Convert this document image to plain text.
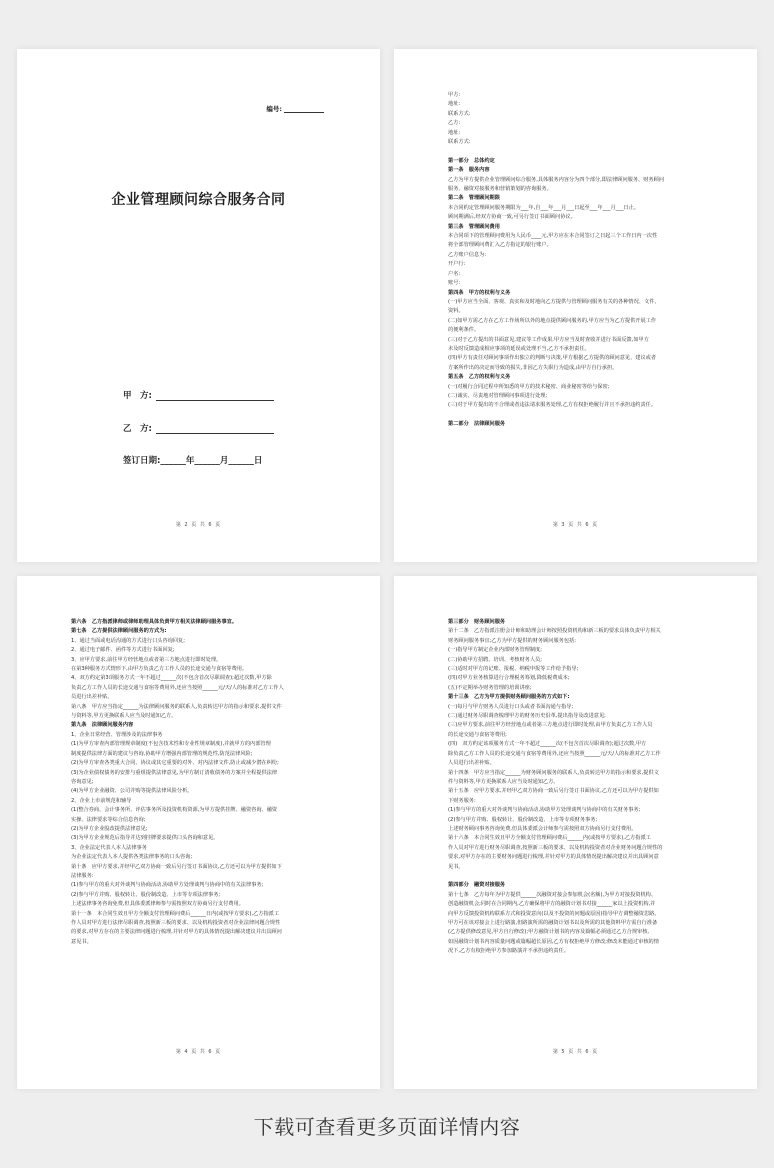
编号:
企业管理顾问综合服务合同
甲　方:
乙　方:
签订日期:______年______月______日
第 2 页 共 6 页

甲方:

地址:

联系方式:

乙方:

地址:

联系方式:

第一部分　总体约定

第一条　服务内容

乙方为甲方提供企业管理顾问综合服务,具体服务内容分为四个部分,即法律顾问服务、财务顾问

服务、融资对接服务和营销策划的咨询服务。

第二条　管理顾问期限

本合同约定管理顾问服务期限为___年,自___年___月___日起至___年___月___日止。

顾问期满后,经双方协商一致,可另行签订书面顾问协议。

第三条　管理顾问费用

本合同项下的管理顾问费用为人民币____元,甲方应在本合同签订之日起三个工作日内一次性

将全部管理顾问费汇入乙方指定的银行账户。

乙方账户信息为:

开户行:

户名:

账号:

第四条　甲方的权利与义务

(一)甲方应当全面、客观、真实和及时地向乙方提供与管理顾问服务有关的各种情况、文件、

资料。

(二)如甲方需乙方在乙方工作场所以外的地点提供顾问服务的,甲方应当为乙方提供开展工作

的便利条件。

(三)对于乙方提出的书面意见,建议等工作成果,甲方应当及时查收并进行书面反馈,如甲方

未及时反馈造成相应事项的延误或处理不当,乙方不承担责任。

(四)甲方有责任对顾问事项作出独立的判断与决策,甲方根据乙方提供的顾问意见、建议或者

方案所作出的决定而导致的损失,非因乙方失职行为造成,由甲方自行承担。

第五条　乙方的权利与义务

(一)对履行合同过程中所知悉的甲方的技术秘密、商业秘密等给与保密;

(二)诚实、尽责地对管理顾问事项进行处理;

(三)对于甲方提出的不合理或者违法请求服务处理,乙方有权拒绝履行并且不承担违约责任。

第二部分　法律顾问服务

第 3 页 共 6 页

第六条　乙方指派律师或律师助理具体负责甲方相关法律顾问服务事宜。

第七条　乙方提供法律顾问服务的方式为:

1、通过当面或电话沟通的方式进行口头咨询回复;

2、通过电子邮件、函件等方式进行书面回复;

3、应甲方要求,前往甲方经营地点或者第三方地点进行即时处理。

在第3种服务方式情形下,由甲方负责乙方工作人员的长途交通与食宿等费用。

4、双方约定第3项服务方式一年不超过______次(不包含首次尽职调查);超过次数,甲方除

负责乙方工作人员的长途交通与食宿等费用外,还应当按照______元/天/人的标准对乙方工作人

员进行出差补贴。

第八条　甲方应当指定______为法律顾问服务的联系人,负责转达甲方的指示和要求,提供文件

与资料等,甲方更换联系人应当及时通知乙方。

第九条　法律顾问服务内容

1、企业日常经营、管理涉及的法律事务

(1)为甲方审查内部管理规章制度(不包含技术性和专业性规章制度),并就甲方的内部管理

制度提供法律方面的建议与咨询,协助甲方增强内部管理的规范性,防范法律风险;

(2)为甲方审查各类重大合同、协议或其它重要的对外、对内法律文件,防止或减少潜在纠纷;

(3)为企业债权债务的安排与重组提供法律意见,为甲方制订清收债务的方案并全程提供法律

咨询意见;

(4)为甲方企业融资、公司并购等提供法律风险分析。

2、企业上市前规范和辅导

(1)整合券商、会计事务所、评估事务所及投资机构资源,为甲方提供挂牌、融资咨询、融资

实操、法律要求等综合信息咨询;

(2)为甲方企业股改提供法律意见;

(3)为甲方企业规范后指导并达到挂牌要求提供口头咨询和意见。

3、企业法定代表人本人法律事务

为企业法定代表人本人提供各类法律事务的口头咨询;

第十条　应甲方要求,并经甲乙双方协商一致后另行签订书面协议,乙方还可以为甲方提供如下

法律服务:

(1)参与甲方的重大对外谈判与协商活动,协助甲方处理谈判与协商中的有关法律事务;

(2)参与甲方并购、股权转让、股份制改造、上市等专项法律事务;

上述法律事务咨询免费,但具体委派律师参与需按照双方协商另行支付费用。

第十一条　本合同生效且甲方全额支付管理顾问费后______日内(或按甲方要求),乙方指派工

作人员对甲方进行法律尽职调查,按照新三板的要求、以及机构投资者对企业法律问题合规性

的要求,对甲方存在的主要法律问题进行梳理,并针对甲方的具体情况提出解决建议并出具顾问

意见书。

第 4 页 共 6 页

第三部分　财务顾问服务

第十二条　乙方指派注册会计师和助理会计师按照投资机构和新三板的要求具体负责甲方相关

财务顾问服务事宜;乙方为甲方提供的财务顾问服务包括:

(一)指导甲方制定企业内部财务管理制度;

(二)协助甲方招聘、培训、考核财务人员;

(三)适时对甲方的记账、报税、纳税申报等工作给予指导;

(四)对甲方业务核算进行合理税务筹划,降低税费成本;

(五)不定期举办财务管理的培训讲座;

第十三条　乙方为甲方提供财务顾问服务的方式如下:

(一)每月与甲方财务人员进行口头或者书面沟通与指导;

(二)通过财务尽职调查梳理甲方的财务历史沿革,提出指导及改进意见;

(三)应甲方要求,前往甲方经营地点或者第三方地点进行即时处理,由甲方负责乙方工作人员

的长途交通与食宿等费用;

(四)　双方约定该项服务方式一年不超过______次(不包含首次尽职调查);超过次数,甲方

除负责乙方工作人员的长途交通与食宿等费用外,还应当按照______元/天/人的标准对乙方工作

人员进行出差补贴。

第十四条　甲方应当指定______为财务顾问服务的联系人,负责转达甲方的指示和要求,提供文

件与资料等,甲方更换联系人应当及时通知乙方。

第十五条　应甲方要求,并经甲乙双方协商一致后另行签订书面协议,乙方还可以为甲方提供如

下财务服务:

(1)参与甲方的重大对外谈判与协商活动,协助甲方处理谈判与协商中的有关财务事务;

(2)参与甲方并购、股权转让、股份制改造、上市等专项财务事务;

上述财务顾问事务咨询免费,但具体委派会计师参与需按照双方协商另行支付费用。

第十六条　本合同生效且甲方全额支付管理顾问费后______内(或按甲方要求),乙方指派工

作人员对甲方进行财务尽职调查,按照新三板的要求、以及机构投资者对企业财务问题合规性的

要求,对甲方存在的主要财务问题进行梳理,并针对甲方的具体情况提出解决建议并出具顾问意

见书。

第四部分　融资对接服务

第十七条　乙方每年为甲方提供______次融资对接会参加机会(名额),为甲方对接投资机构、

创造融资机会;同时在合同期内,乙方确保将甲方的融资计划书对接______家以上投资机构,并

向甲方反馈投资机构联系方式和投资意向(以及不投资的问题或原因)指导甲方调整融资思路。

甲方可在该对接会上进行路演,但路演所需的融资计划书以及所需的其他资料甲方需自行准备

(乙方提供修改意见,甲方自行修改);甲方融资计划书的内容及篇幅必须通过乙方合规审核,

如因融资计划书内容质量问题或篇幅超长原因,乙方有权拒绝甲方修改;修改未能通过审核的情

况下,乙方有权拒绝甲方参加路演并不承担违约责任。

第 5 页 共 6 页
下载可查看更多页面详情内容
